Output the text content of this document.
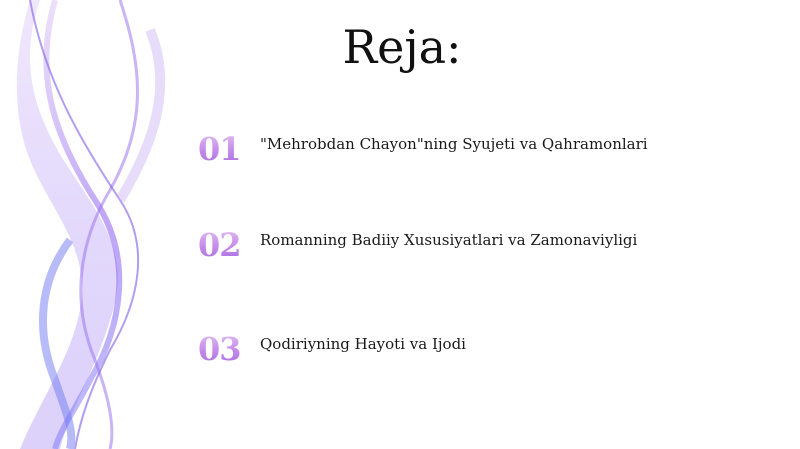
Reja:
01 "Mehrobdan Chayon"ning Syujeti va Qahramonlari
02 Romanning Badiiy Xususiyatlari va Zamonaviyligi
03 Qodiriyning Hayoti va Ijodi
